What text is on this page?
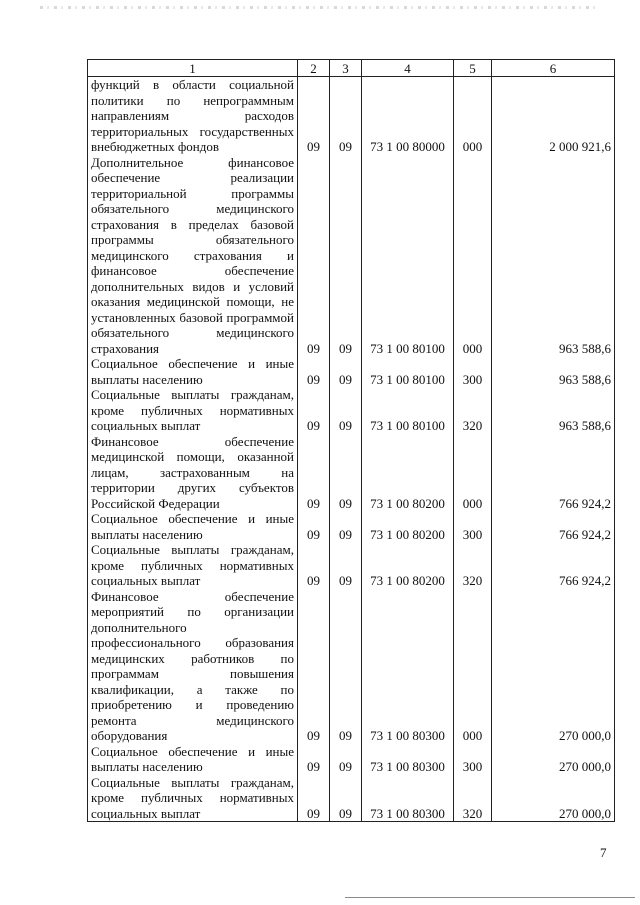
1	2	3	4	5	6
функций в области социальной политики по непрограммным направлениям расходов территориальных государственных внебюджетных фондов	09	09	73 1 00 80000	000	2 000 921,6
Дополнительное финансовое обеспечение реализации территориальной программы обязательного медицинского страхования в пределах базовой программы обязательного медицинского страхования и финансовое обеспечение дополнительных видов и условий оказания медицинской помощи, не установленных базовой программой обязательного медицинского страхования	09	09	73 1 00 80100	000	963 588,6
Социальное обеспечение и иные выплаты населению	09	09	73 1 00 80100	300	963 588,6
Социальные выплаты гражданам, кроме публичных нормативных социальных выплат	09	09	73 1 00 80100	320	963 588,6
Финансовое обеспечение медицинской помощи, оказанной лицам, застрахованным на территории других субъектов Российской Федерации	09	09	73 1 00 80200	000	766 924,2
Социальное обеспечение и иные выплаты населению	09	09	73 1 00 80200	300	766 924,2
Социальные выплаты гражданам, кроме публичных нормативных социальных выплат	09	09	73 1 00 80200	320	766 924,2
Финансовое обеспечение мероприятий по организации дополнительного профессионального образования медицинских работников по программам повышения квалификации, а также по приобретению и проведению ремонта медицинского оборудования	09	09	73 1 00 80300	000	270 000,0
Социальное обеспечение и иные выплаты населению	09	09	73 1 00 80300	300	270 000,0
Социальные выплаты гражданам, кроме публичных нормативных социальных выплат	09	09	73 1 00 80300	320	270 000,0
7
